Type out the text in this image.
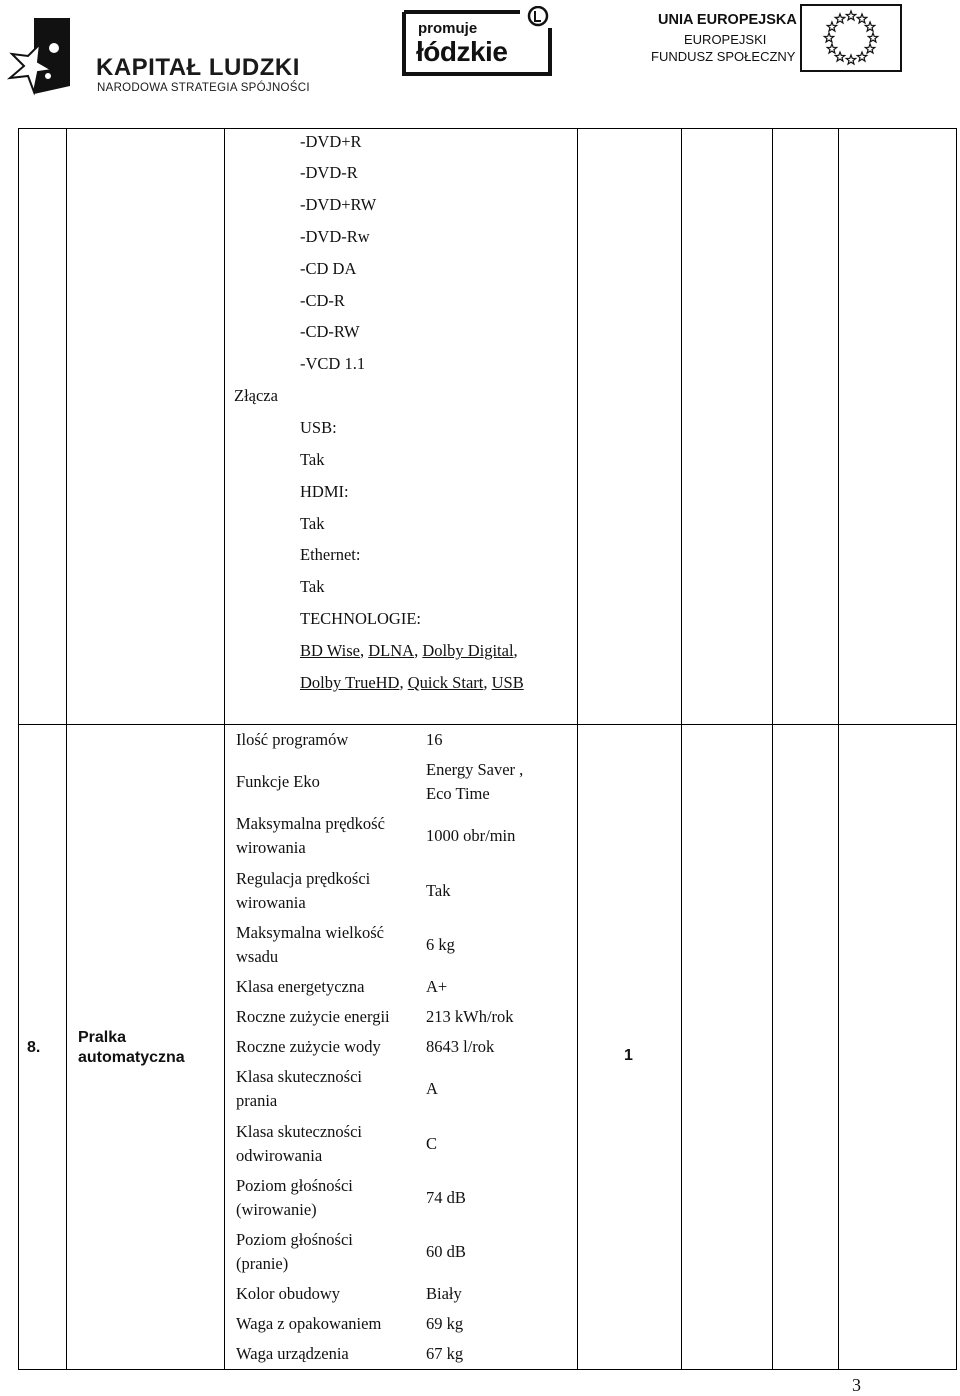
KAPITAŁ LUDZKI
NARODOWA STRATEGIA SPÓJNOŚCI
promuje
łódzkie
UNIA EUROPEJSKA
EUROPEJSKI
FUNDUSZ SPOŁECZNY
Złącza
-DVD+R
-DVD-R
-DVD+RW
-DVD-Rw
-CD DA
-CD-R
-CD-RW
-VCD 1.1
USB:
Tak
HDMI:
Tak
Ethernet:
Tak
TECHNOLOGIE:
BD Wise, DLNA, Dolby Digital,
Dolby TrueHD, Quick Start, USB
8.
Pralka
automatyczna	1
Ilość programów
Funkcje Eko
Maksymalna prędkość
wirowania
Regulacja prędkości
wirowania
Maksymalna wielkość
wsadu
Klasa energetyczna
Roczne zużycie energii
Roczne zużycie wody
Klasa skuteczności
prania
Klasa skuteczności
odwirowania
Poziom głośności
(wirowanie)
Poziom głośności
(pranie)
Kolor obudowy
Waga z opakowaniem
Waga urządzenia
16
Energy Saver ,
Eco Time
1000 obr/min
Tak
6 kg
A+
213 kWh/rok
8643 l/rok
A
C
74 dB
60 dB
Biały
69 kg
67 kg
3
